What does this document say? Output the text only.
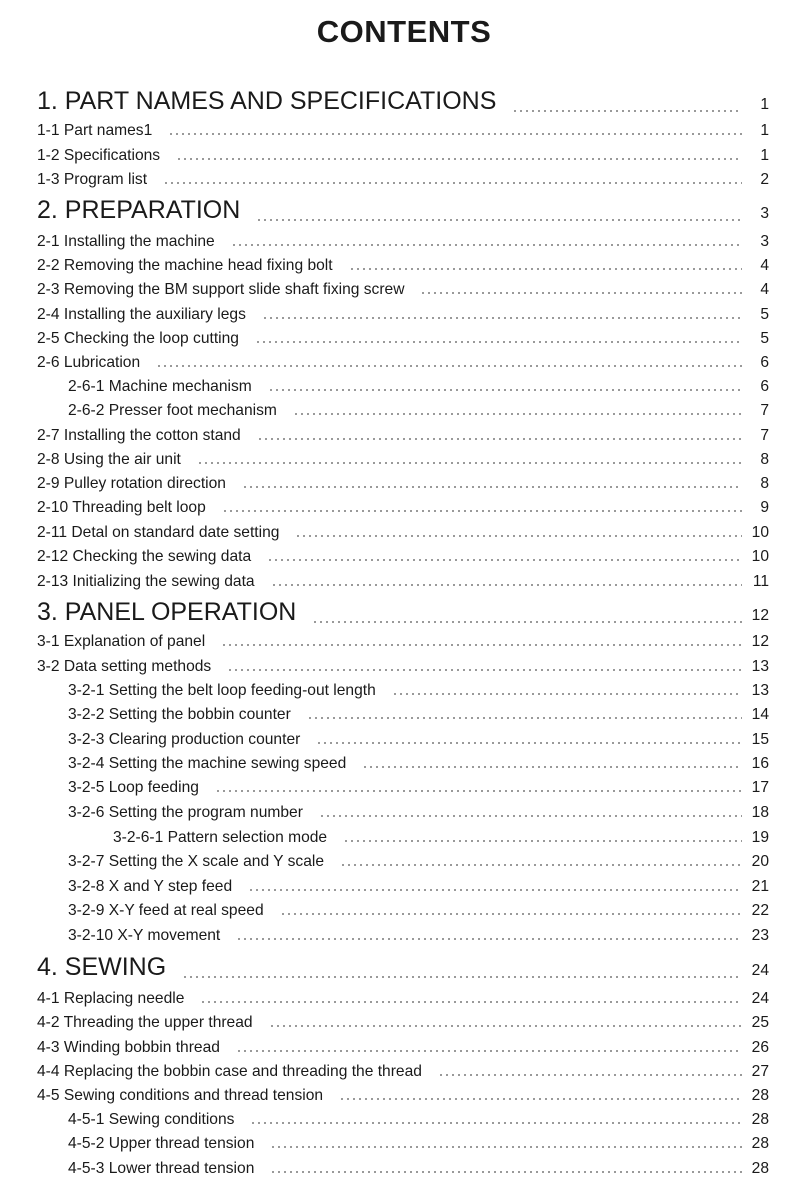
CONTENTS
1. PART NAMES AND SPECIFICATIONS	1
1-1 Part names1	1
1-2 Specifications	1
1-3 Program list	2
2. PREPARATION	3
2-1 Installing the machine	3
2-2 Removing the machine head fixing bolt	4
2-3 Removing the BM support slide shaft fixing screw	4
2-4 Installing the auxiliary legs	5
2-5 Checking the loop cutting	5
2-6 Lubrication	6
2-6-1 Machine mechanism	6
2-6-2 Presser foot mechanism	7
2-7 Installing the cotton stand	7
2-8 Using the air unit	8
2-9 Pulley rotation direction	8
2-10 Threading belt loop	9
2-11 Detal on standard date setting	10
2-12 Checking the sewing data	10
2-13 Initializing the sewing data	11
3. PANEL OPERATION	12
3-1 Explanation of panel	12
3-2 Data setting methods	13
3-2-1 Setting the belt loop feeding-out length	13
3-2-2 Setting the bobbin counter	14
3-2-3 Clearing production counter	15
3-2-4 Setting the machine sewing speed	16
3-2-5 Loop feeding	17
3-2-6 Setting the program number	18
3-2-6-1 Pattern selection mode	19
3-2-7 Setting the X scale and Y scale	20
3-2-8 X and Y step feed	21
3-2-9 X-Y feed at real speed	22
3-2-10 X-Y movement	23
4. SEWING	24
4-1 Replacing needle	24
4-2 Threading the upper thread	25
4-3 Winding bobbin thread	26
4-4 Replacing the bobbin case and threading the thread	27
4-5 Sewing conditions and thread tension	28
4-5-1 Sewing conditions	28
4-5-2 Upper thread tension	28
4-5-3 Lower thread tension	28
